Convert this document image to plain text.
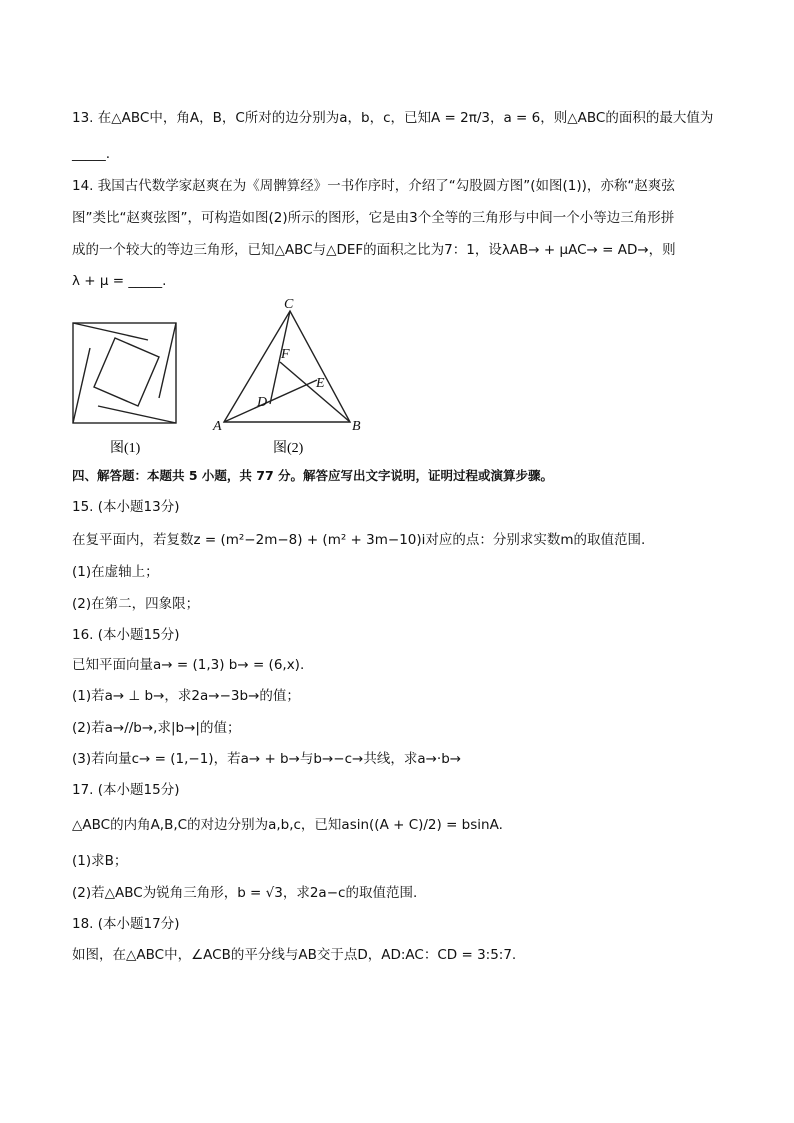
13. 在△ABC中，角A，B，C所对的边分别为a，b，c，已知A = 2π/3，a = 6，则△ABC的面积的最大值为
_____.
14. 我国古代数学家赵爽在为《周髀算经》一书作序时，介绍了“勾股圆方图”(如图(1))，亦称“赵爽弦
图”类比“赵爽弦图”，可构造如图(2)所示的图形，它是由3个全等的三角形与中间一个小等边三角形拼
成的一个较大的等边三角形，已知△ABC与△DEF的面积之比为7：1，设λAB→ + μAC→ = AD→，则
λ + μ = _____.
图(1)
C
F
E
D
A	B
图(2)
四、解答题：本题共 5 小题，共 77 分。解答应写出文字说明，证明过程或演算步骤。
15. (本小题13分)
在复平面内，若复数z = (m²−2m−8) + (m² + 3m−10)i对应的点：分别求实数m的取值范围.
(1)在虚轴上；
(2)在第二，四象限；
16. (本小题15分)
已知平面向量a→ = (1,3) b→ = (6,x).
(1)若a→ ⊥ b→，求2a→−3b→的值；
(2)若a→//b→,求|b→|的值；
(3)若向量c→ = (1,−1)，若a→ + b→与b→−c→共线，求a→·b→
17. (本小题15分)
△ABC的内角A,B,C的对边分别为a,b,c，已知asin((A + C)/2) = bsinA.
(1)求B；
(2)若△ABC为锐角三角形，b = √3，求2a−c的取值范围.
18. (本小题17分)
如图，在△ABC中，∠ACB的平分线与AB交于点D，AD:AC：CD = 3:5:7.
